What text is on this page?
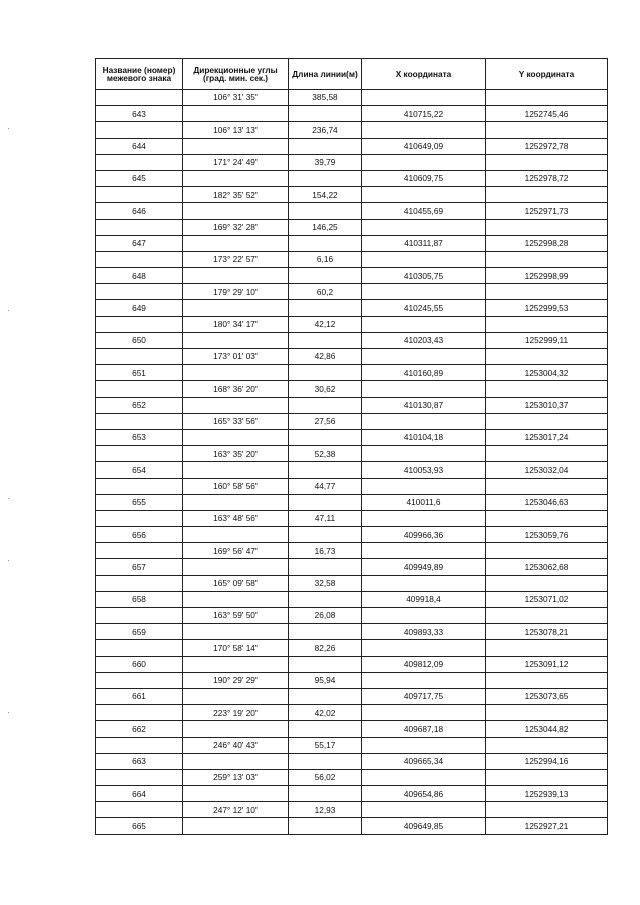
Название (номер)
межевого знака	Дирекционные углы
(град. мин. сек.)	Длина линии(м)	X координата	Y координата
	106° 31' 35"	385,58		
643			410715,22	1252745,46
	106° 13' 13"	236,74		
644			410649,09	1252972,78
	171° 24' 49"	39,79		
645			410609,75	1252978,72
	182° 35' 52"	154,22		
646			410455,69	1252971,73
	169° 32' 28"	146,25		
647			410311,87	1252998,28
	173° 22' 57"	6,16		
648			410305,75	1252998,99
	179° 29' 10"	60,2		
649			410245,55	1252999,53
	180° 34' 17"	42,12		
650			410203,43	1252999,11
	173° 01' 03"	42,86		
651			410160,89	1253004,32
	168° 36' 20"	30,62		
652			410130,87	1253010,37
	165° 33' 56"	27,56		
653			410104,18	1253017,24
	163° 35' 20"	52,38		
654			410053,93	1253032,04
	160° 58' 56"	44,77		
655			410011,6	1253046,63
	163° 48' 56"	47,11		
656			409966,36	1253059,76
	169° 56' 47"	16,73		
657			409949,89	1253062,68
	165° 09' 58"	32,58		
658			409918,4	1253071,02
	163° 59' 50"	26,08		
659			409893,33	1253078,21
	170° 58' 14"	82,26		
660			409812,09	1253091,12
	190° 29' 29"	95,94		
661			409717,75	1253073,65
	223° 19' 20"	42,02		
662			409687,18	1253044,82
	246° 40' 43"	55,17		
663			409665,34	1252994,16
	259° 13' 03"	56,02		
664			409654,86	1252939,13
	247° 12' 10"	12,93		
665			409649,85	1252927,21
